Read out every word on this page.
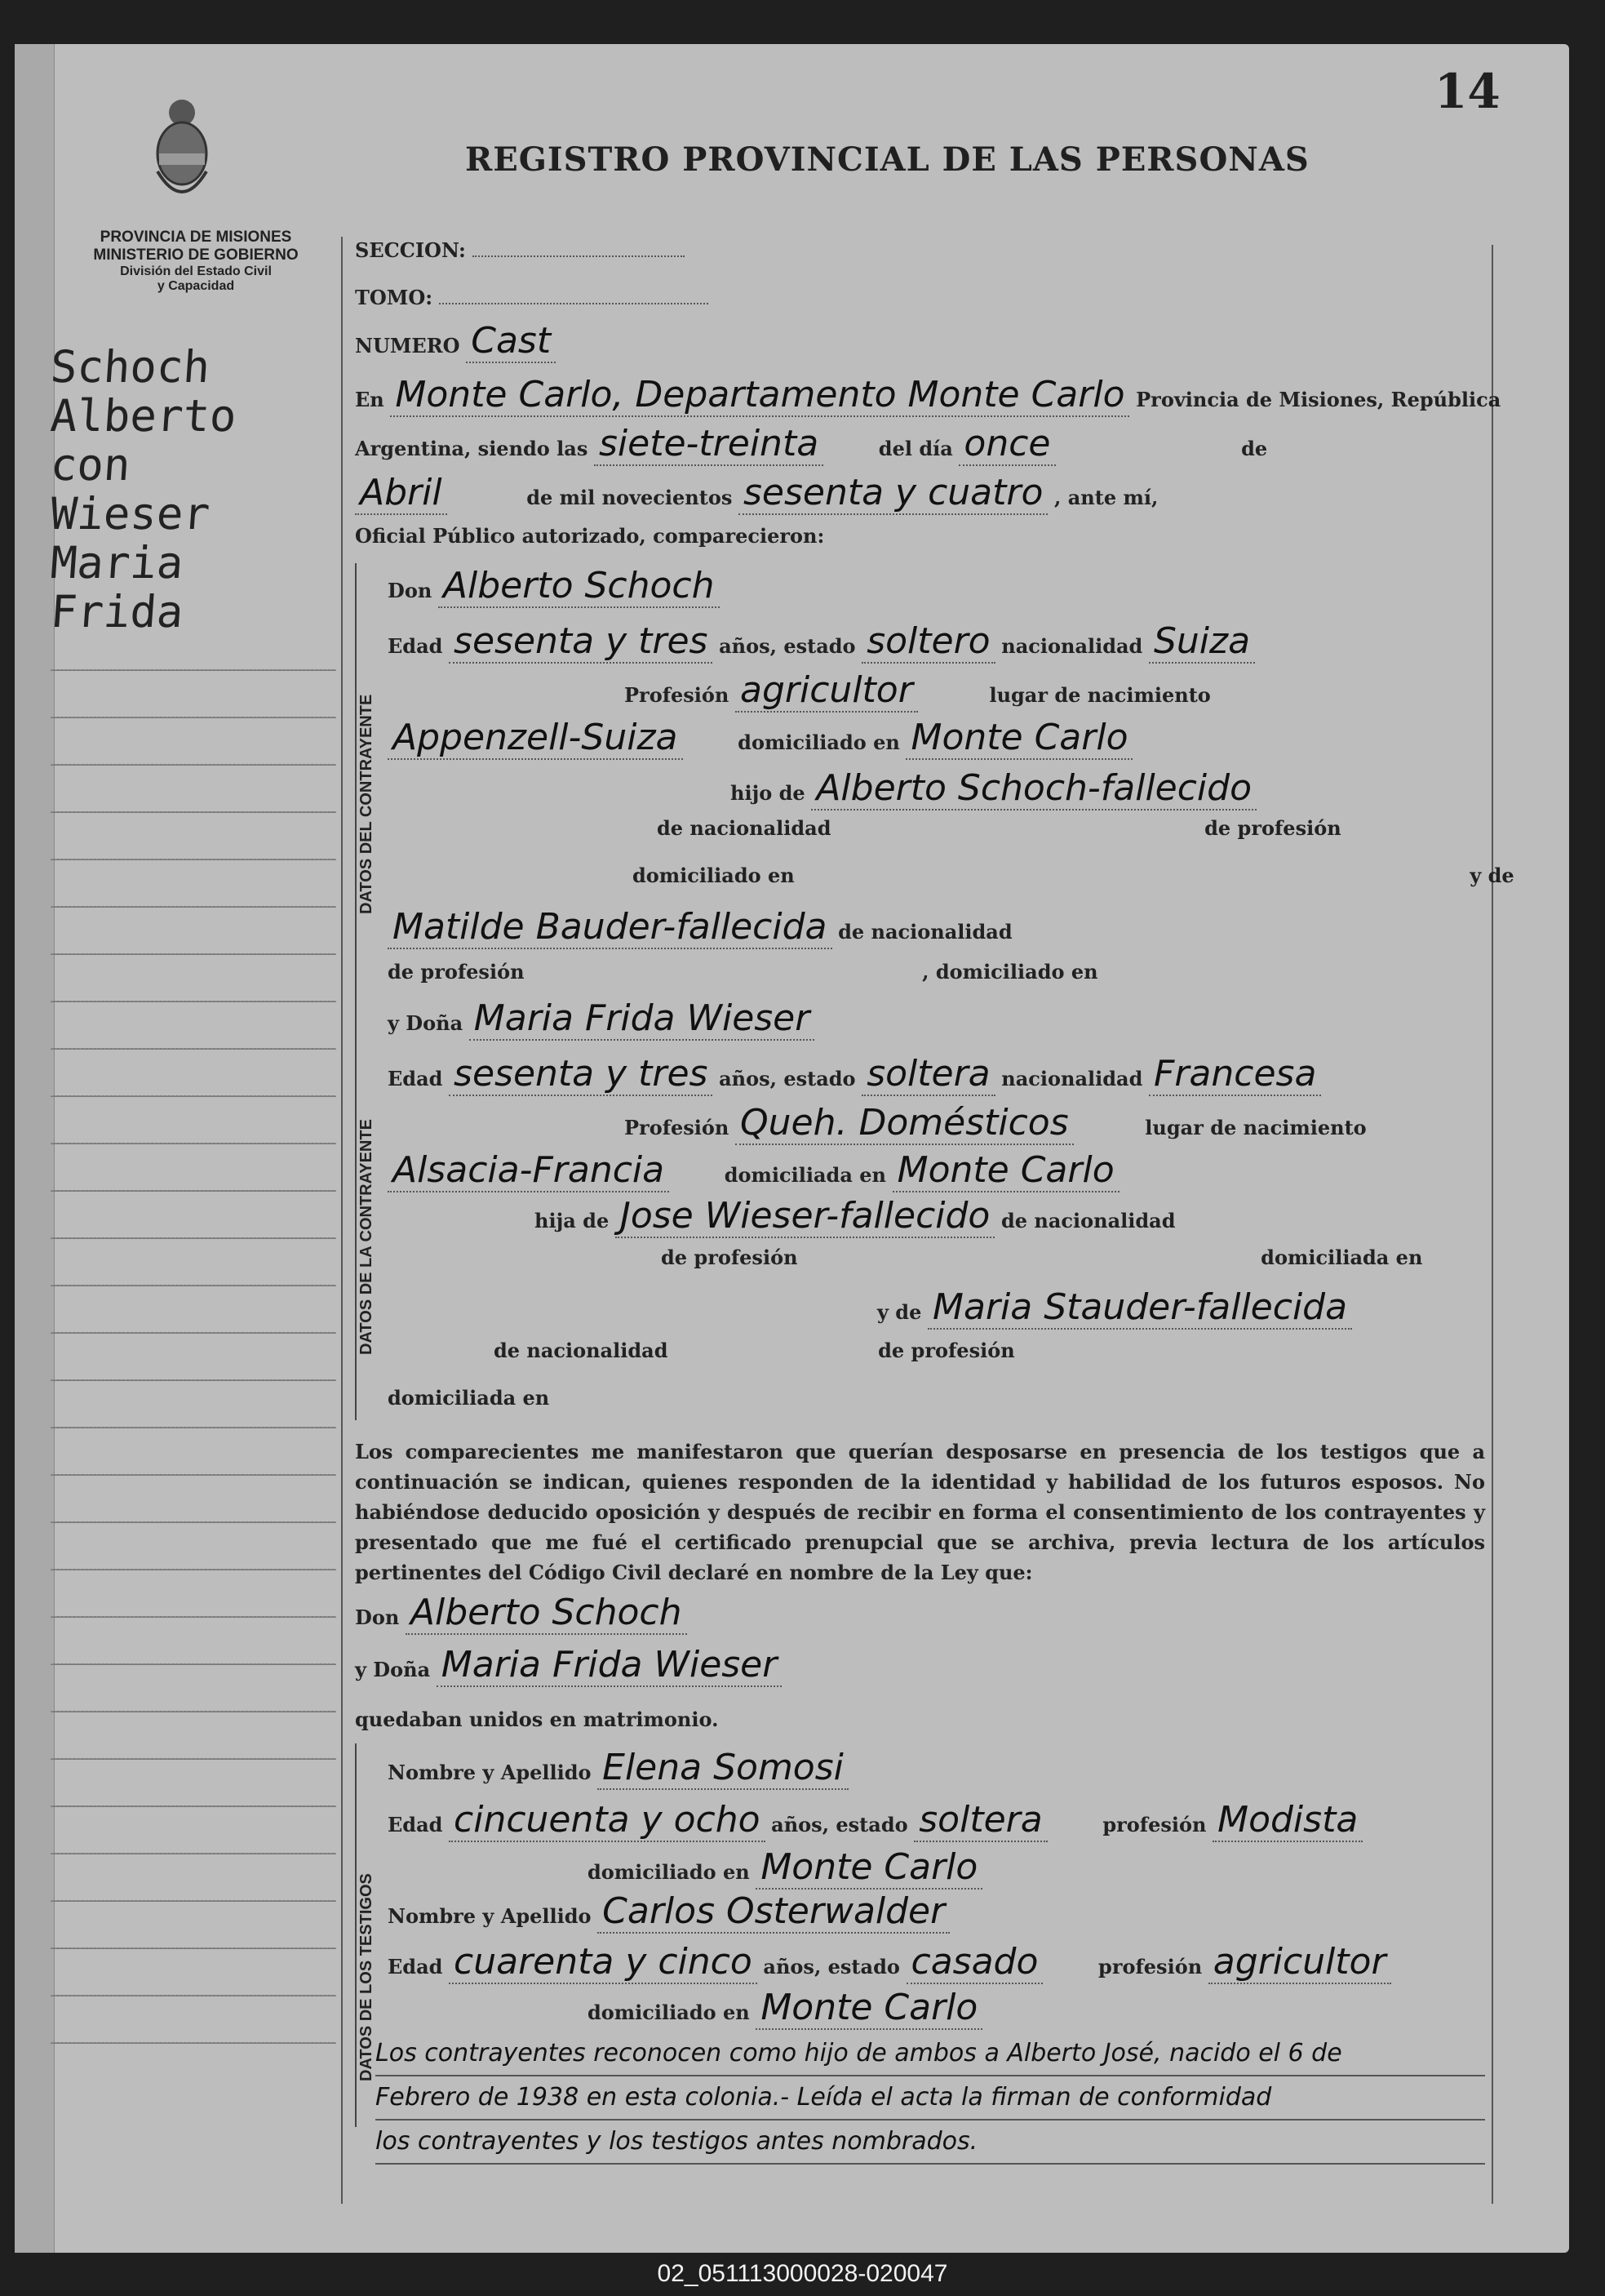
14
REGISTRO PROVINCIAL DE LAS PERSONAS
PROVINCIA DE MISIONES
MINISTERIO DE GOBIERNO
División del Estado Civil
y Capacidad
Schoch
Alberto
con
Wieser
Maria
Frida
SECCION:
TOMO:
NUMERO Cast
En Monte Carlo, Departamento Monte Carlo Provincia de Misiones, República
Argentina, siendo las siete-treinta	del día once	de
Abril	de mil novecientos sesenta y cuatro , ante mí,
Oficial Público autorizado, comparecieron:
DATOS DEL CONTRAYENTE
Don Alberto Schoch
Edad sesenta y tres años, estado soltero nacionalidad Suiza
Profesión agricultor	lugar de nacimiento
Appenzell-Suiza	domiciliado en Monte Carlo
hijo de Alberto Schoch-fallecido
de nacionalidad	de profesión
domiciliado en	y de
Matilde Bauder-fallecida de nacionalidad
de profesión	, domiciliado en
DATOS DE LA CONTRAYENTE
y Doña Maria Frida Wieser
Edad sesenta y tres años, estado soltera nacionalidad Francesa
Profesión Queh. Domésticos	lugar de nacimiento
Alsacia-Francia	domiciliada en Monte Carlo
hija de Jose Wieser-fallecido de nacionalidad
de profesión	domiciliada en
y de Maria Stauder-fallecida
de nacionalidad	de profesión
domiciliada en
Los comparecientes me manifestaron que querían desposarse en presencia de los testigos que a continuación se indican, quienes responden de la identidad y habilidad de los futuros esposos. No habiéndose deducido oposición y después de recibir en forma el consentimiento de los contrayentes y presentado que me fué el certificado prenupcial que se archiva, previa lectura de los artículos pertinentes del Código Civil declaré en nombre de la Ley que:
Don Alberto Schoch
y Doña Maria Frida Wieser
quedaban unidos en matrimonio.
DATOS DE LOS TESTIGOS
Nombre y Apellido Elena Somosi
Edad cincuenta y ocho años, estado soltera	profesión Modista
domiciliado en Monte Carlo
Nombre y Apellido Carlos Osterwalder
Edad cuarenta y cinco años, estado casado	profesión agricultor
domiciliado en Monte Carlo
Los contrayentes reconocen como hijo de ambos a Alberto José, nacido el 6 de
Febrero de 1938 en esta colonia.- Leída el acta la firman de conformidad
los contrayentes y los testigos antes nombrados.
02_051113000028-020047
